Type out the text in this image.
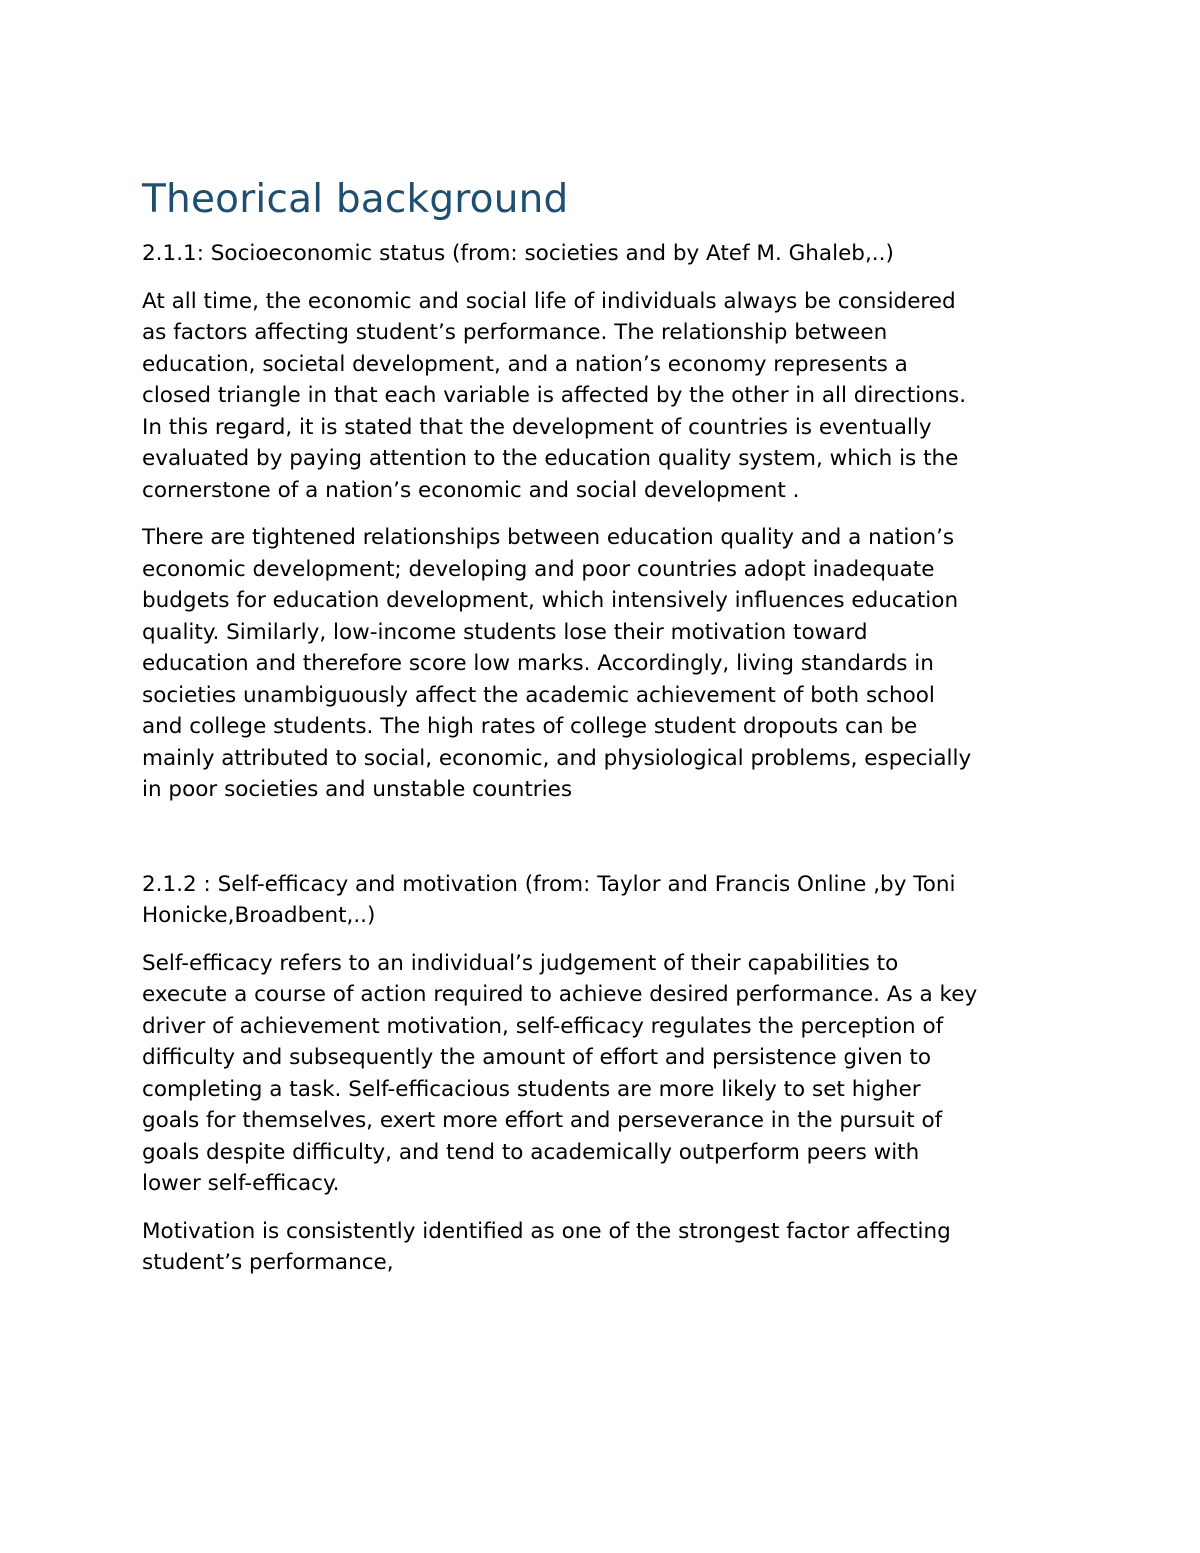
Theorical background
2.1.1: Socioeconomic status (from: societies and by Atef M. Ghaleb,..)

At all time, the economic and social life of individuals always be considered
as factors affecting student’s performance. The relationship between
education, societal development, and a nation’s economy represents a
closed triangle in that each variable is affected by the other in all directions.
In this regard, it is stated that the development of countries is eventually
evaluated by paying attention to the education quality system, which is the
cornerstone of a nation’s economic and social development .

There are tightened relationships between education quality and a nation’s
economic development; developing and poor countries adopt inadequate
budgets for education development, which intensively influences education
quality. Similarly, low-income students lose their motivation toward
education and therefore score low marks. Accordingly, living standards in
societies unambiguously affect the academic achievement of both school
and college students. The high rates of college student dropouts can be
mainly attributed to social, economic, and physiological problems, especially
in poor societies and unstable countries

2.1.2 : Self-efficacy and motivation (from: Taylor and Francis Online ,by Toni
Honicke,Broadbent,..)

Self-efficacy refers to an individual’s judgement of their capabilities to
execute a course of action required to achieve desired performance. As a key
driver of achievement motivation, self-efficacy regulates the perception of
difficulty and subsequently the amount of effort and persistence given to
completing a task. Self-efficacious students are more likely to set higher
goals for themselves, exert more effort and perseverance in the pursuit of
goals despite difficulty, and tend to academically outperform peers with
lower self-efficacy.

Motivation is consistently identified as one of the strongest factor affecting
student’s performance,
